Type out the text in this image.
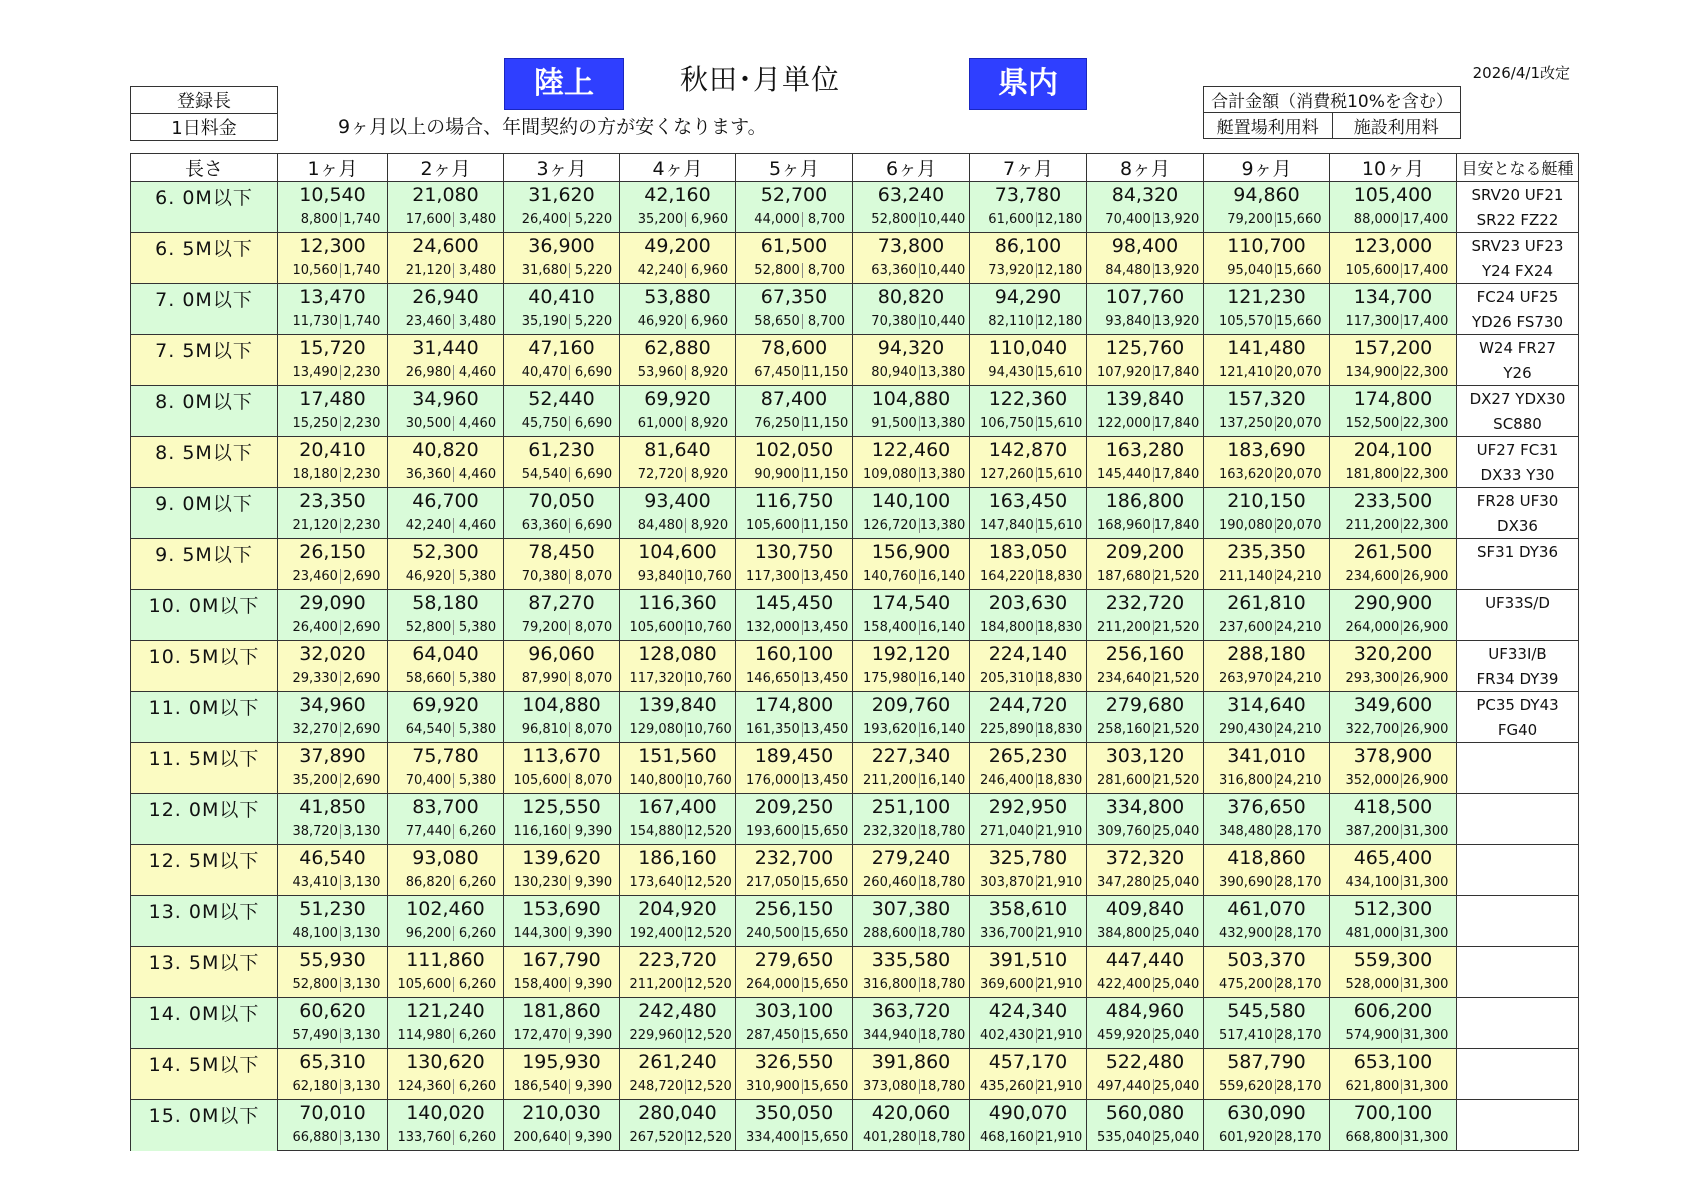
秋田･月単位
陸上	県内	2026/4/1改定
登録長
1日料金	9ヶ月以上の場合、年間契約の方が安くなります。
合計金額（消費税10%を含む）
艇置場利用料	施設利用料
長さ	1ヶ月	2ヶ月	3ヶ月	4ヶ月	5ヶ月	6ヶ月	7ヶ月	8ヶ月	9ヶ月	10ヶ月	目安となる艇種
6. 0M以下	10,540	21,080	31,620	42,160	52,700	63,240	73,780	84,320	94,860	105,400	SRV20 UF21
	8,800 1,740	17,600 3,480	26,400 5,220	35,200 6,960	44,000 8,700	52,800 10,440	61,600 12,180	70,400 13,920	79,200 15,660	88,000 17,400	SR22 FZ22
6. 5M以下	12,300	24,600	36,900	49,200	61,500	73,800	86,100	98,400	110,700	123,000	SRV23 UF23
	10,560 1,740	21,120 3,480	31,680 5,220	42,240 6,960	52,800 8,700	63,360 10,440	73,920 12,180	84,480 13,920	95,040 15,660	105,600 17,400	Y24 FX24
7. 0M以下	13,470	26,940	40,410	53,880	67,350	80,820	94,290	107,760	121,230	134,700	FC24 UF25
	11,730 1,740	23,460 3,480	35,190 5,220	46,920 6,960	58,650 8,700	70,380 10,440	82,110 12,180	93,840 13,920	105,570 15,660	117,300 17,400	YD26 FS730
7. 5M以下	15,720	31,440	47,160	62,880	78,600	94,320	110,040	125,760	141,480	157,200	W24 FR27
	13,490 2,230	26,980 4,460	40,470 6,690	53,960 8,920	67,450 11,150	80,940 13,380	94,430 15,610	107,920 17,840	121,410 20,070	134,900 22,300	Y26
8. 0M以下	17,480	34,960	52,440	69,920	87,400	104,880	122,360	139,840	157,320	174,800	DX27 YDX30
	15,250 2,230	30,500 4,460	45,750 6,690	61,000 8,920	76,250 11,150	91,500 13,380	106,750 15,610	122,000 17,840	137,250 20,070	152,500 22,300	SC880
8. 5M以下	20,410	40,820	61,230	81,640	102,050	122,460	142,870	163,280	183,690	204,100	UF27 FC31
	18,180 2,230	36,360 4,460	54,540 6,690	72,720 8,920	90,900 11,150	109,080 13,380	127,260 15,610	145,440 17,840	163,620 20,070	181,800 22,300	DX33 Y30
9. 0M以下	23,350	46,700	70,050	93,400	116,750	140,100	163,450	186,800	210,150	233,500	FR28 UF30
	21,120 2,230	42,240 4,460	63,360 6,690	84,480 8,920	105,600 11,150	126,720 13,380	147,840 15,610	168,960 17,840	190,080 20,070	211,200 22,300	DX36
9. 5M以下	26,150	52,300	78,450	104,600	130,750	156,900	183,050	209,200	235,350	261,500	SF31 DY36
	23,460 2,690	46,920 5,380	70,380 8,070	93,840 10,760	117,300 13,450	140,760 16,140	164,220 18,830	187,680 21,520	211,140 24,210	234,600 26,900	
10. 0M以下	29,090	58,180	87,270	116,360	145,450	174,540	203,630	232,720	261,810	290,900	UF33S/D
	26,400 2,690	52,800 5,380	79,200 8,070	105,600 10,760	132,000 13,450	158,400 16,140	184,800 18,830	211,200 21,520	237,600 24,210	264,000 26,900	
10. 5M以下	32,020	64,040	96,060	128,080	160,100	192,120	224,140	256,160	288,180	320,200	UF33I/B
	29,330 2,690	58,660 5,380	87,990 8,070	117,320 10,760	146,650 13,450	175,980 16,140	205,310 18,830	234,640 21,520	263,970 24,210	293,300 26,900	FR34 DY39
11. 0M以下	34,960	69,920	104,880	139,840	174,800	209,760	244,720	279,680	314,640	349,600	PC35 DY43
	32,270 2,690	64,540 5,380	96,810 8,070	129,080 10,760	161,350 13,450	193,620 16,140	225,890 18,830	258,160 21,520	290,430 24,210	322,700 26,900	FG40
11. 5M以下	37,890	75,780	113,670	151,560	189,450	227,340	265,230	303,120	341,010	378,900	
	35,200 2,690	70,400 5,380	105,600 8,070	140,800 10,760	176,000 13,450	211,200 16,140	246,400 18,830	281,600 21,520	316,800 24,210	352,000 26,900	
12. 0M以下	41,850	83,700	125,550	167,400	209,250	251,100	292,950	334,800	376,650	418,500	
	38,720 3,130	77,440 6,260	116,160 9,390	154,880 12,520	193,600 15,650	232,320 18,780	271,040 21,910	309,760 25,040	348,480 28,170	387,200 31,300	
12. 5M以下	46,540	93,080	139,620	186,160	232,700	279,240	325,780	372,320	418,860	465,400	
	43,410 3,130	86,820 6,260	130,230 9,390	173,640 12,520	217,050 15,650	260,460 18,780	303,870 21,910	347,280 25,040	390,690 28,170	434,100 31,300	
13. 0M以下	51,230	102,460	153,690	204,920	256,150	307,380	358,610	409,840	461,070	512,300	
	48,100 3,130	96,200 6,260	144,300 9,390	192,400 12,520	240,500 15,650	288,600 18,780	336,700 21,910	384,800 25,040	432,900 28,170	481,000 31,300	
13. 5M以下	55,930	111,860	167,790	223,720	279,650	335,580	391,510	447,440	503,370	559,300	
	52,800 3,130	105,600 6,260	158,400 9,390	211,200 12,520	264,000 15,650	316,800 18,780	369,600 21,910	422,400 25,040	475,200 28,170	528,000 31,300	
14. 0M以下	60,620	121,240	181,860	242,480	303,100	363,720	424,340	484,960	545,580	606,200	
	57,490 3,130	114,980 6,260	172,470 9,390	229,960 12,520	287,450 15,650	344,940 18,780	402,430 21,910	459,920 25,040	517,410 28,170	574,900 31,300	
14. 5M以下	65,310	130,620	195,930	261,240	326,550	391,860	457,170	522,480	587,790	653,100	
	62,180 3,130	124,360 6,260	186,540 9,390	248,720 12,520	310,900 15,650	373,080 18,780	435,260 21,910	497,440 25,040	559,620 28,170	621,800 31,300	
15. 0M以下	70,010	140,020	210,030	280,040	350,050	420,060	490,070	560,080	630,090	700,100	
	66,880 3,130	133,760 6,260	200,640 9,390	267,520 12,520	334,400 15,650	401,280 18,780	468,160 21,910	535,040 25,040	601,920 28,170	668,800 31,300	
